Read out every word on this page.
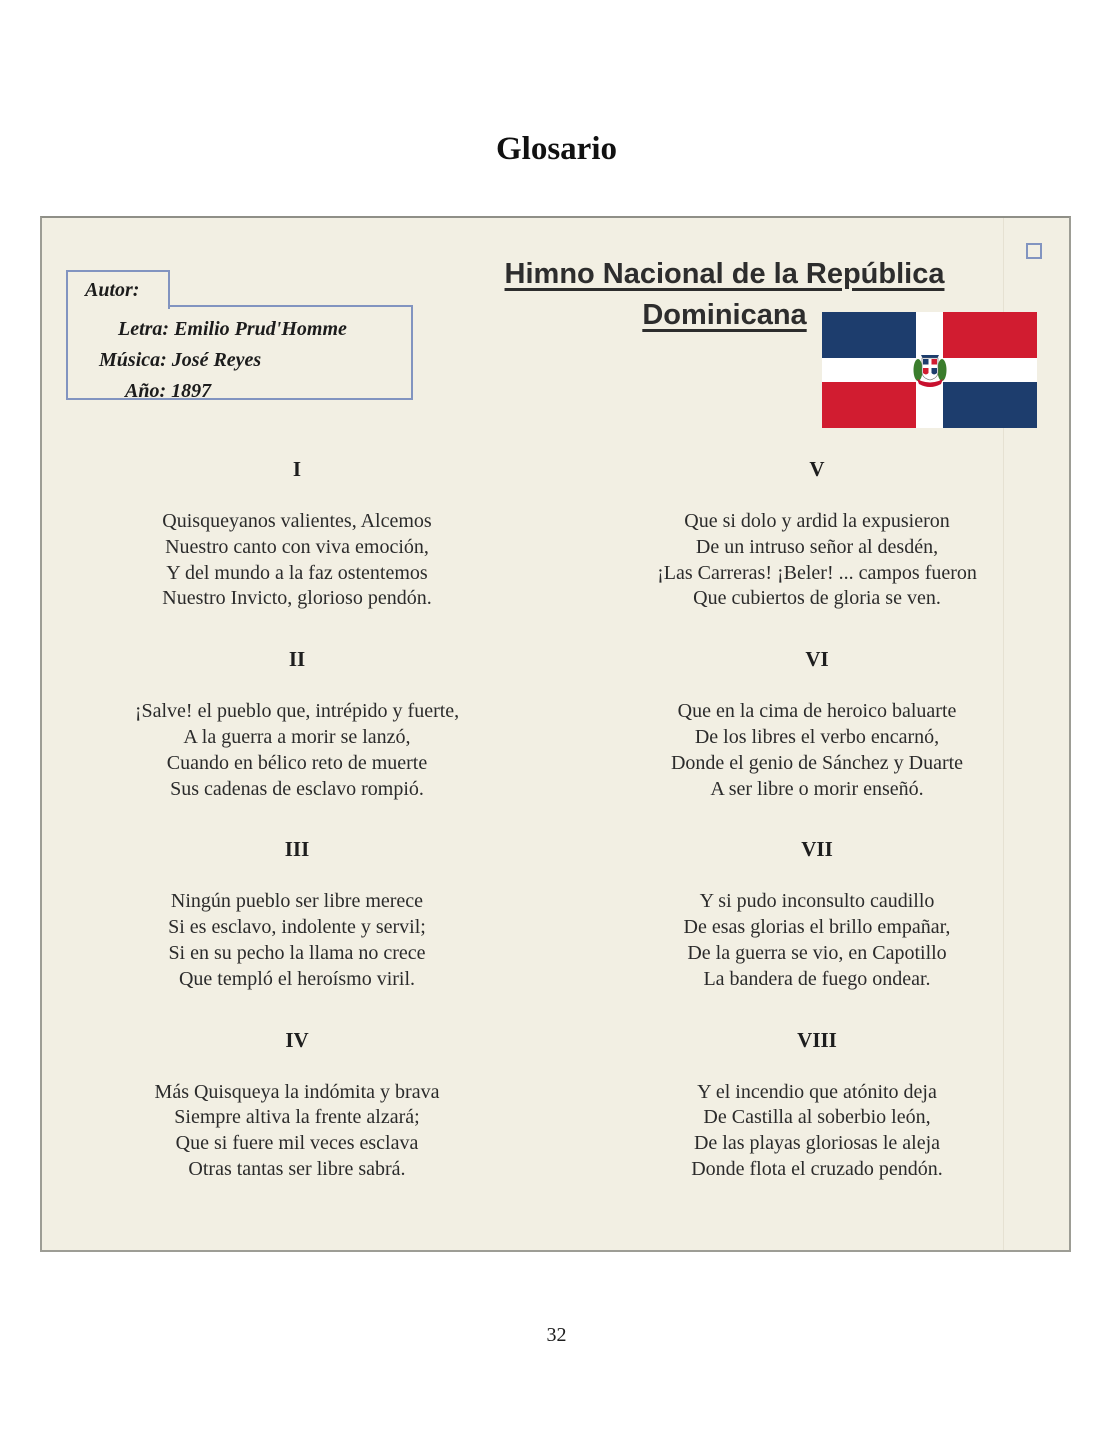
Glosario
Autor:
Letra: Emilio Prud'Homme
Música: José Reyes
Año: 1897
Himno Nacional de la República Dominicana
I
Quisqueyanos valientes, Alcemos
Nuestro canto con viva emoción,
Y del mundo a la faz ostentemos
Nuestro Invicto, glorioso pendón.
II
¡Salve! el pueblo que, intrépido y fuerte,
A la guerra a morir se lanzó,
Cuando en bélico reto de muerte
Sus cadenas de esclavo rompió.
III
Ningún pueblo ser libre merece
Si es esclavo, indolente y servil;
Si en su pecho la llama no crece
Que templó el heroísmo viril.
IV
Más Quisqueya la indómita y brava
Siempre altiva la frente alzará;
Que si fuere mil veces esclava
Otras tantas ser libre sabrá.
V
Que si dolo y ardid la expusieron
De un intruso señor al desdén,
¡Las Carreras! ¡Beler! ... campos fueron
Que cubiertos de gloria se ven.
VI
Que en la cima de heroico baluarte
De los libres el verbo encarnó,
Donde el genio de Sánchez y Duarte
A ser libre o morir enseñó.
VII
Y si pudo inconsulto caudillo
De esas glorias el brillo empañar,
De la guerra se vio, en Capotillo
La bandera de fuego ondear.
VIII
Y el incendio que atónito deja
De Castilla al soberbio león,
De las playas gloriosas le aleja
Donde flota el cruzado pendón.
32
